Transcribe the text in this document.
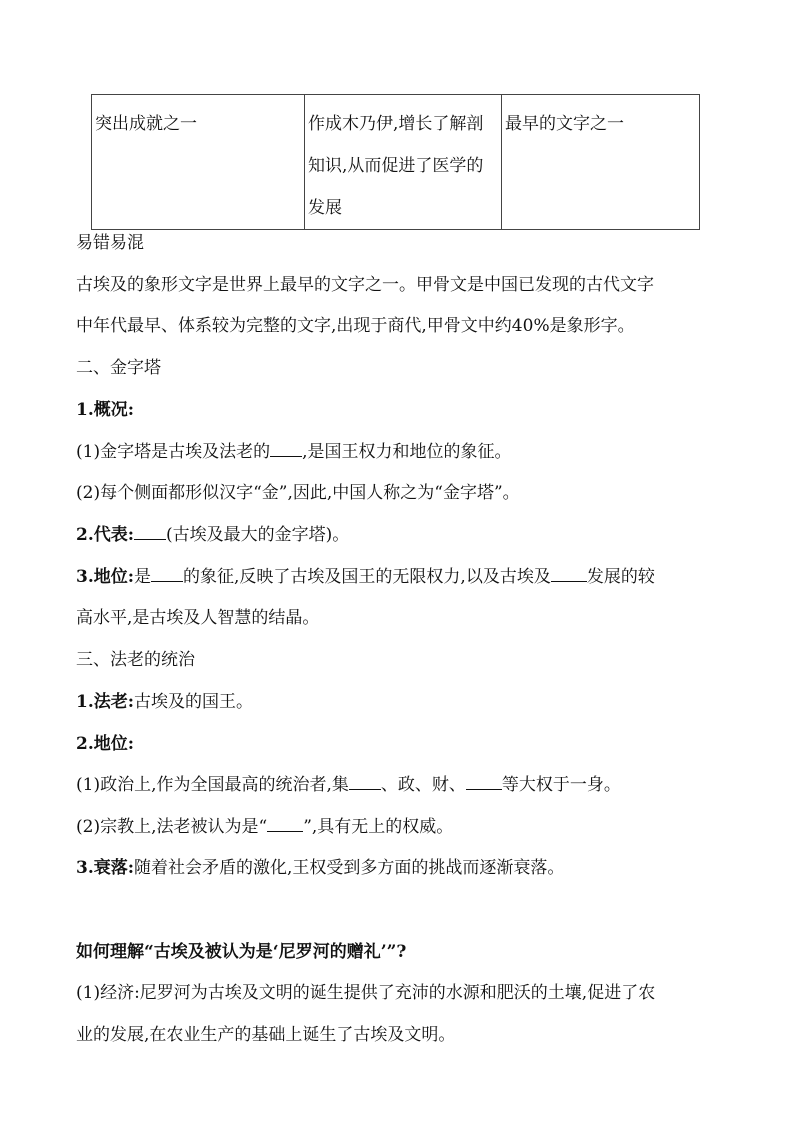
突出成就之一	作成木乃伊,增长了解剖知识,从而促进了医学的发展	最早的文字之一
易错易混
古埃及的象形文字是世界上最早的文字之一。甲骨文是中国已发现的古代文字
中年代最早、体系较为完整的文字,出现于商代,甲骨文中约40%是象形字。
二、金字塔
1.概况:
(1)金字塔是古埃及法老的 ,是国王权力和地位的象征。
(2)每个侧面都形似汉字“金”,因此,中国人称之为“金字塔”。
2.代表: (古埃及最大的金字塔)。
3.地位:是 的象征,反映了古埃及国王的无限权力,以及古埃及 发展的较
高水平,是古埃及人智慧的结晶。
三、法老的统治
1.法老:古埃及的国王。
2.地位:
(1)政治上,作为全国最高的统治者,集 、政、财、 等大权于一身。
(2)宗教上,法老被认为是“ ”,具有无上的权威。
3.衰落:随着社会矛盾的激化,王权受到多方面的挑战而逐渐衰落。
如何理解“古埃及被认为是‘尼罗河的赠礼’”?
(1)经济:尼罗河为古埃及文明的诞生提供了充沛的水源和肥沃的土壤,促进了农
业的发展,在农业生产的基础上诞生了古埃及文明。
